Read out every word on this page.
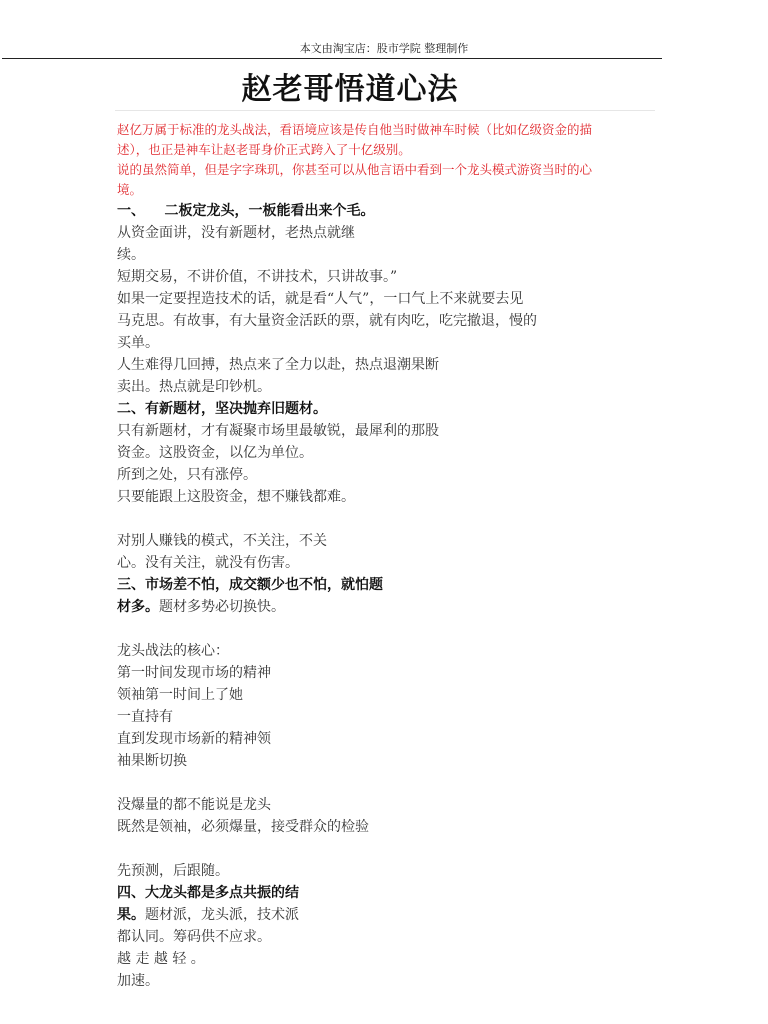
本文由淘宝店：股市学院 整理制作
赵老哥悟道心法
赵亿万属于标准的龙头战法，看语境应该是传自他当时做神车时候（比如亿级资金的描
述），也正是神车让赵老哥身价正式跨入了十亿级别。
说的虽然简单，但是字字珠玑，你甚至可以从他言语中看到一个龙头模式游资当时的心
境。
一、    二板定龙头，一板能看出来个毛。
从资金面讲，没有新题材，老热点就继
续。
短期交易，不讲价值，不讲技术，只讲故事。”
如果一定要捏造技术的话，就是看“人气”，一口气上不来就要去见
马克思。有故事，有大量资金活跃的票，就有肉吃，吃完撤退，慢的
买单。
人生难得几回搏，热点来了全力以赴，热点退潮果断
卖出。热点就是印钞机。
二、有新题材，坚决抛弃旧题材。
只有新题材，才有凝聚市场里最敏锐，最犀利的那股
资金。这股资金，以亿为单位。
所到之处，只有涨停。
只要能跟上这股资金，想不赚钱都难。
对别人赚钱的模式，不关注，不关
心。没有关注，就没有伤害。
三、市场差不怕，成交额少也不怕，就怕题
材多。题材多势必切换快。
龙头战法的核心：
第一时间发现市场的精神
领袖第一时间上了她
一直持有
直到发现市场新的精神领
袖果断切换
没爆量的都不能说是龙头
既然是领袖，必须爆量，接受群众的检验
先预测，后跟随。
四、大龙头都是多点共振的结
果。题材派，龙头派，技术派
都认同。筹码供不应求。
越 走 越 轻 。
加速。
